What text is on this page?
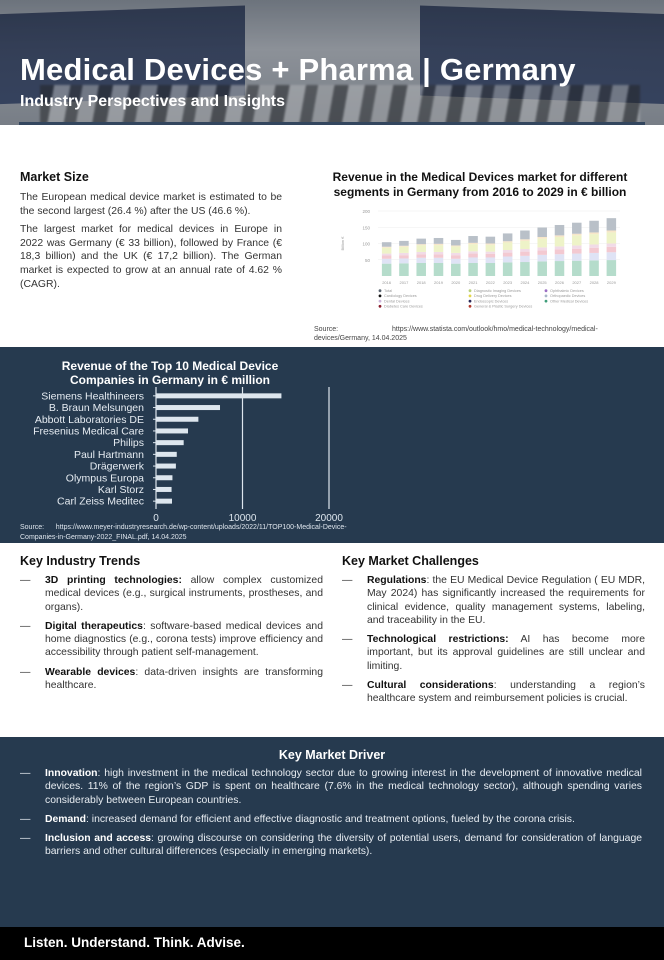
Medical Devices + Pharma | Germany
Industry Perspectives and Insights

Market Size

The European medical device market is estimated to be the second largest (26.4 %) after the US (46.6 %).

The largest market for medical devices in Europe in 2022 was Germany (€ 33 billion), followed by France (€ 18,3 billion) and the UK (€ 17,2 billion). The German market is expected to grow at an annual rate of 4.62 % (CAGR).

Revenue in the Medical Devices market for different segments in Germany from 2016 to 2029 in € billion

50
100
150
200
Billion €
2016 2017 2018 2019 2020 2021 2022 2023 2024 2025 2026 2027 2028 2029
Total
Cardiology Devices
Dental Devices
Diabetes Care Devices
Diagnostic Imaging Devices
Drug Delivery Devices
Endoscopic Devices
General & Plastic Surgery Devices
Ophthalmic Devices
Orthopaedic Devices
Other Medical Devices
Source:	https://www.statista.com/outlook/hmo/medical-technology/medical-devices/Germany, 14.04.2025
Revenue of the Top 10 Medical Device Companies in Germany in € million
0	10000	20000
Siemens Healthineers
B. Braun Melsungen
Abbott Laboratories DE
Fresenius Medical Care
Philips
Paul Hartmann
Drägerwerk
Olympus Europa
Karl Storz
Carl Zeiss Meditec
Source: https://www.meyer-industryresearch.de/wp-content/uploads/2022/11/TOP100-Medical-Device-Companies-in-Germany-2022_FINAL.pdf, 14.04.2025

Key Industry Trends

— 3D printing technologies: allow complex customized medical devices (e.g., surgical instruments, prostheses, and organs).
— Digital therapeutics: software-based medical devices and home diagnostics (e.g., corona tests) improve efficiency and accessibility through patient self-management.
— Wearable devices: data-driven insights are transforming healthcare.

Key Market Challenges

— Regulations: the EU Medical Device Regulation ( EU MDR, May 2024) has significantly increased the requirements for clinical evidence, quality management systems, labeling, and traceability in the EU.
— Technological restrictions: AI has become more important, but its approval guidelines are still unclear and limiting.
— Cultural considerations: understanding a region’s healthcare system and reimbursement policies is crucial.
Key Market Driver
— Innovation: high investment in the medical technology sector due to growing interest in the development of innovative medical devices. 11% of the region’s GDP is spent on healthcare (7.6% in the medical technology sector), although spending varies considerably between European countries.
— Demand: increased demand for efficient and effective diagnostic and treatment options, fueled by the corona crisis.
— Inclusion and access: growing discourse on considering the diversity of potential users, demand for consideration of language barriers and other cultural differences (especially in emerging markets).
Listen. Understand. Think. Advise.
